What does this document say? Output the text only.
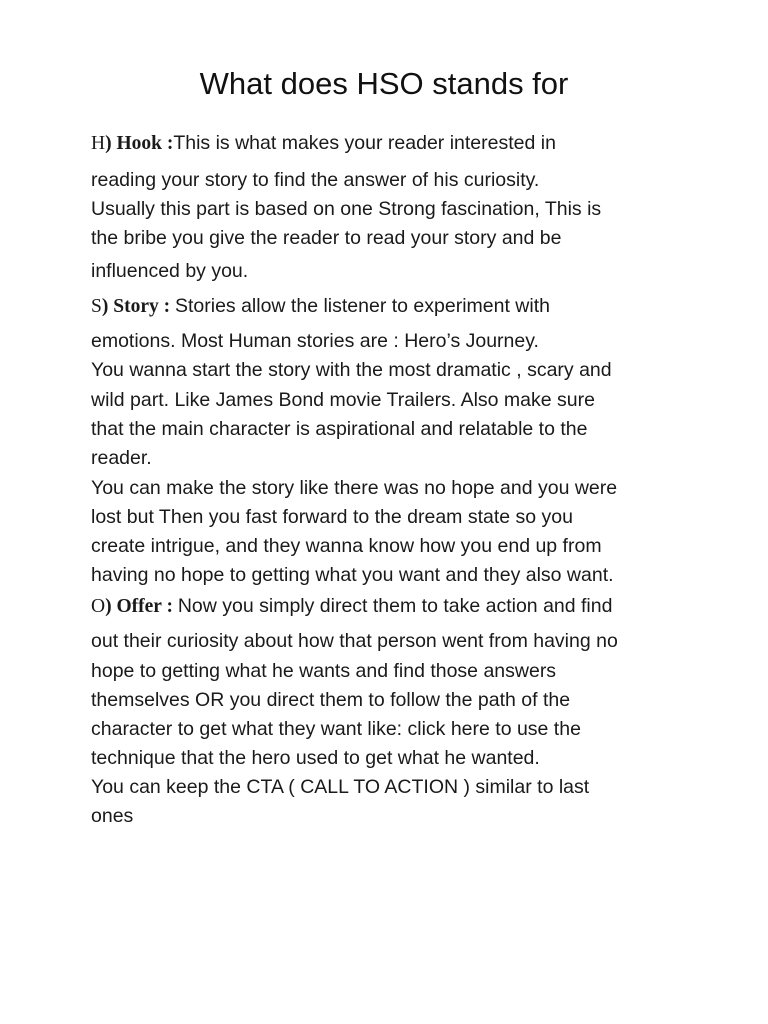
What does HSO stands for
H) Hook :This is what makes your reader interested in
reading your story to find the answer of his curiosity.
Usually this part is based on one Strong fascination, This is
the bribe you give the reader to read your story and be
influenced by you.
S) Story : Stories allow the listener to experiment with
emotions. Most Human stories are : Hero’s Journey.
You wanna start the story with the most dramatic , scary and
wild part. Like James Bond movie Trailers. Also make sure
that the main character is aspirational and relatable to the
reader.
You can make the story like there was no hope and you were
lost but Then you fast forward to the dream state so you
create intrigue, and they wanna know how you end up from
having no hope to getting what you want and they also want.
O) Offer : Now you simply direct them to take action and find
out their curiosity about how that person went from having no
hope to getting what he wants and find those answers
themselves OR you direct them to follow the path of the
character to get what they want like: click here to use the
technique that the hero used to get what he wanted.
You can keep the CTA ( CALL TO ACTION ) similar to last
ones
